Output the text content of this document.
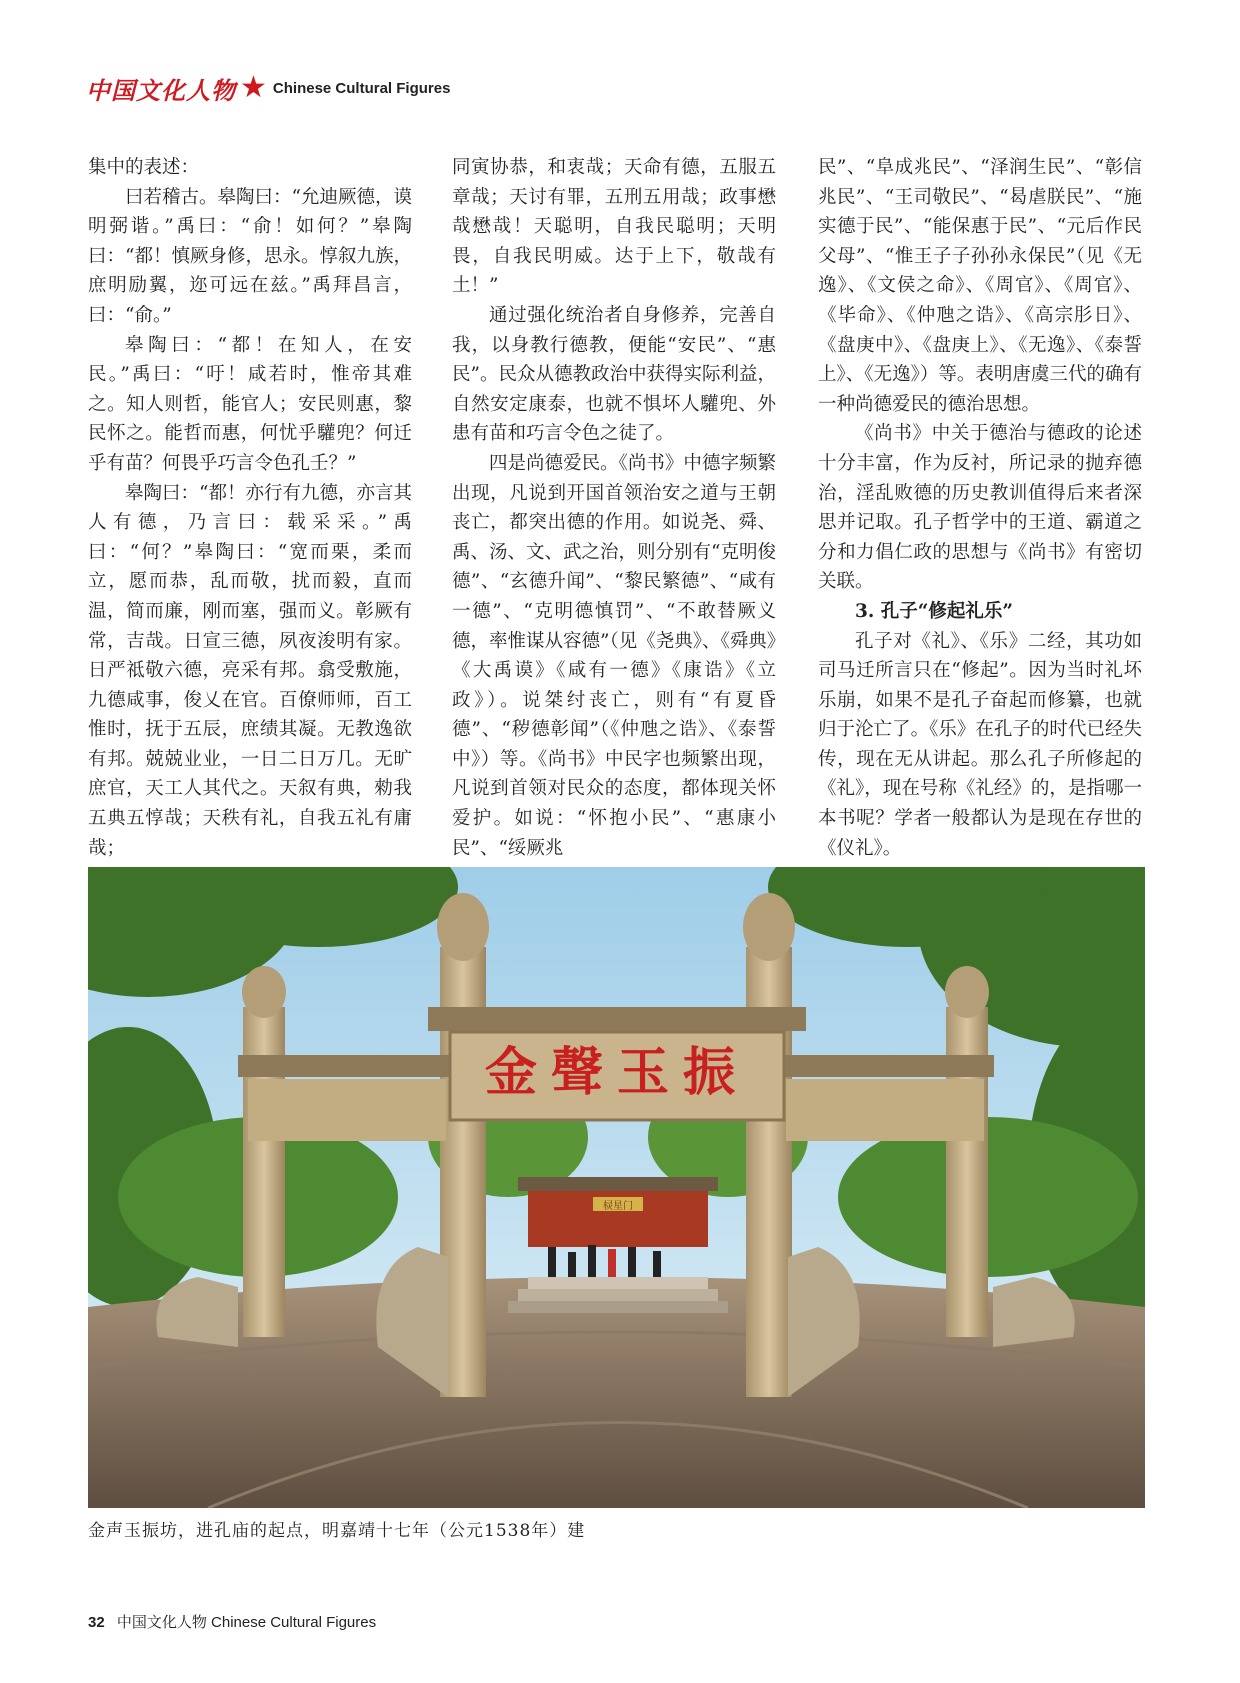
中国文化人物 ★ Chinese Cultural Figures

集中的表述：

曰若稽古。皋陶曰：“允迪厥德，谟明弼谐。”禹曰：“俞！如何？”皋陶曰：“都！慎厥身修，思永。惇叙九族，庶明励翼，迩可远在兹。”禹拜昌言，曰：“俞。”

皋陶曰：“都！在知人，在安民。”禹曰：“吁！咸若时，惟帝其难之。知人则哲，能官人；安民则惠，黎民怀之。能哲而惠，何忧乎驩兜？何迁乎有苗？何畏乎巧言令色孔壬？”

皋陶曰：“都！亦行有九德，亦言其人有德，乃言曰：载采采。”禹曰：“何？”皋陶曰：“宽而栗，柔而立，愿而恭，乱而敬，扰而毅，直而温，简而廉，刚而塞，强而义。彰厥有常，吉哉。日宣三德，夙夜浚明有家。日严祗敬六德，亮采有邦。翕受敷施，九德咸事，俊乂在官。百僚师师，百工惟时，抚于五辰，庶绩其凝。无教逸欲有邦。兢兢业业，一日二日万几。无旷庶官，天工人其代之。天叙有典，勑我五典五惇哉；天秩有礼，自我五礼有庸哉；

同寅协恭，和衷哉；天命有德，五服五章哉；天讨有罪，五刑五用哉；政事懋哉懋哉！天聪明，自我民聪明；天明畏，自我民明威。达于上下，敬哉有土！”

通过强化统治者自身修养，完善自我，以身教行德教，便能“安民”、“惠民”。民众从德教政治中获得实际利益，自然安定康泰，也就不惧坏人驩兜、外患有苗和巧言令色之徒了。

四是尚德爱民。《尚书》中德字频繁出现，凡说到开国首领治安之道与王朝丧亡，都突出德的作用。如说尧、舜、禹、汤、文、武之治，则分别有“克明俊德”、“玄德升闻”、“黎民繁德”、“咸有一德”、“克明德慎罚”、“不敢替厥义德，率惟谋从容德”（见《尧典》、《舜典》《大禹谟》《咸有一德》《康诰》《立政》）。说桀纣丧亡，则有“有夏昏德”、“秽德彰闻”（《仲虺之诰》、《泰誓中》）等。《尚书》中民字也频繁出现，凡说到首领对民众的态度，都体现关怀爱护。如说：“怀抱小民”、“惠康小民”、“绥厥兆

民”、“阜成兆民”、“泽润生民”、“彰信兆民”、“王司敬民”、“曷虐朕民”、“施实德于民”、“能保惠于民”、“元后作民父母”、“惟王子子孙孙永保民”（见《无逸》、《文侯之命》、《周官》、《周官》、《毕命》、《仲虺之诰》、《高宗肜日》、《盘庚中》、《盘庚上》、《无逸》、《泰誓上》、《无逸》）等。表明唐虞三代的确有一种尚德爱民的德治思想。

《尚书》中关于德治与德政的论述十分丰富，作为反衬，所记录的抛弃德治，淫乱败德的历史教训值得后来者深思并记取。孔子哲学中的王道、霸道之分和力倡仁政的思想与《尚书》有密切关联。

3. 孔子“修起礼乐”

孔子对《礼》、《乐》二经，其功如司马迁所言只在“修起”。因为当时礼坏乐崩，如果不是孔子奋起而修纂，也就归于沦亡了。《乐》在孔子的时代已经失传，现在无从讲起。那么孔子所修起的《礼》，现在号称《礼经》的，是指哪一本书呢？学者一般都认为是现在存世的《仪礼》。

金聲玉振
棂星门
金声玉振坊，进孔庙的起点，明嘉靖十七年（公元1538年）建
32 中国文化人物 Chinese Cultural Figures
